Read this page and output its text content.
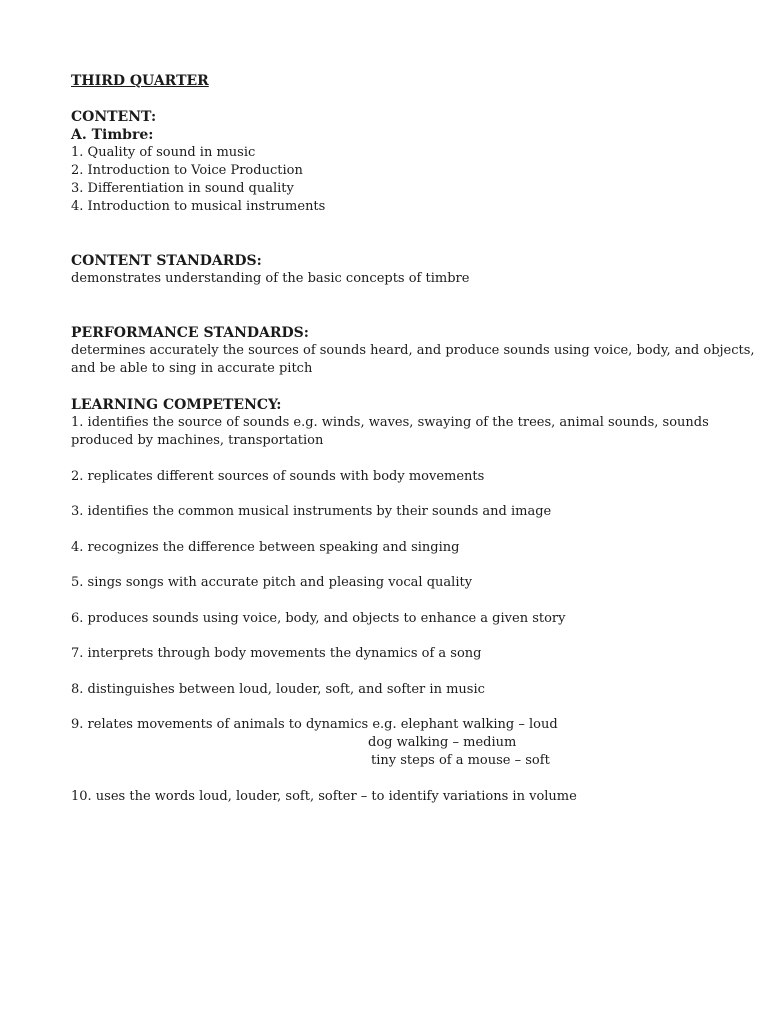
THIRD QUARTER
CONTENT:
A. Timbre:
1. Quality of sound in music
2. Introduction to Voice Production
3. Differentiation in sound quality
4. Introduction to musical instruments
CONTENT STANDARDS:
demonstrates understanding of the basic concepts of timbre
PERFORMANCE STANDARDS:
determines accurately the sources of sounds heard, and produce sounds using voice, body, and objects,
and be able to sing in accurate pitch
LEARNING COMPETENCY:
1. identifies the source of sounds e.g. winds, waves, swaying of the trees, animal sounds, sounds
produced by machines, transportation
2. replicates different sources of sounds with body movements
3. identifies the common musical instruments by their sounds and image
4. recognizes the difference between speaking and singing
5. sings songs with accurate pitch and pleasing vocal quality
6. produces sounds using voice, body, and objects to enhance a given story
7. interprets through body movements the dynamics of a song
8. distinguishes between loud, louder, soft, and softer in music
9. relates movements of animals to dynamics e.g. elephant walking – loud
dog walking – medium
tiny steps of a mouse – soft
10. uses the words loud, louder, soft, softer – to identify variations in volume
